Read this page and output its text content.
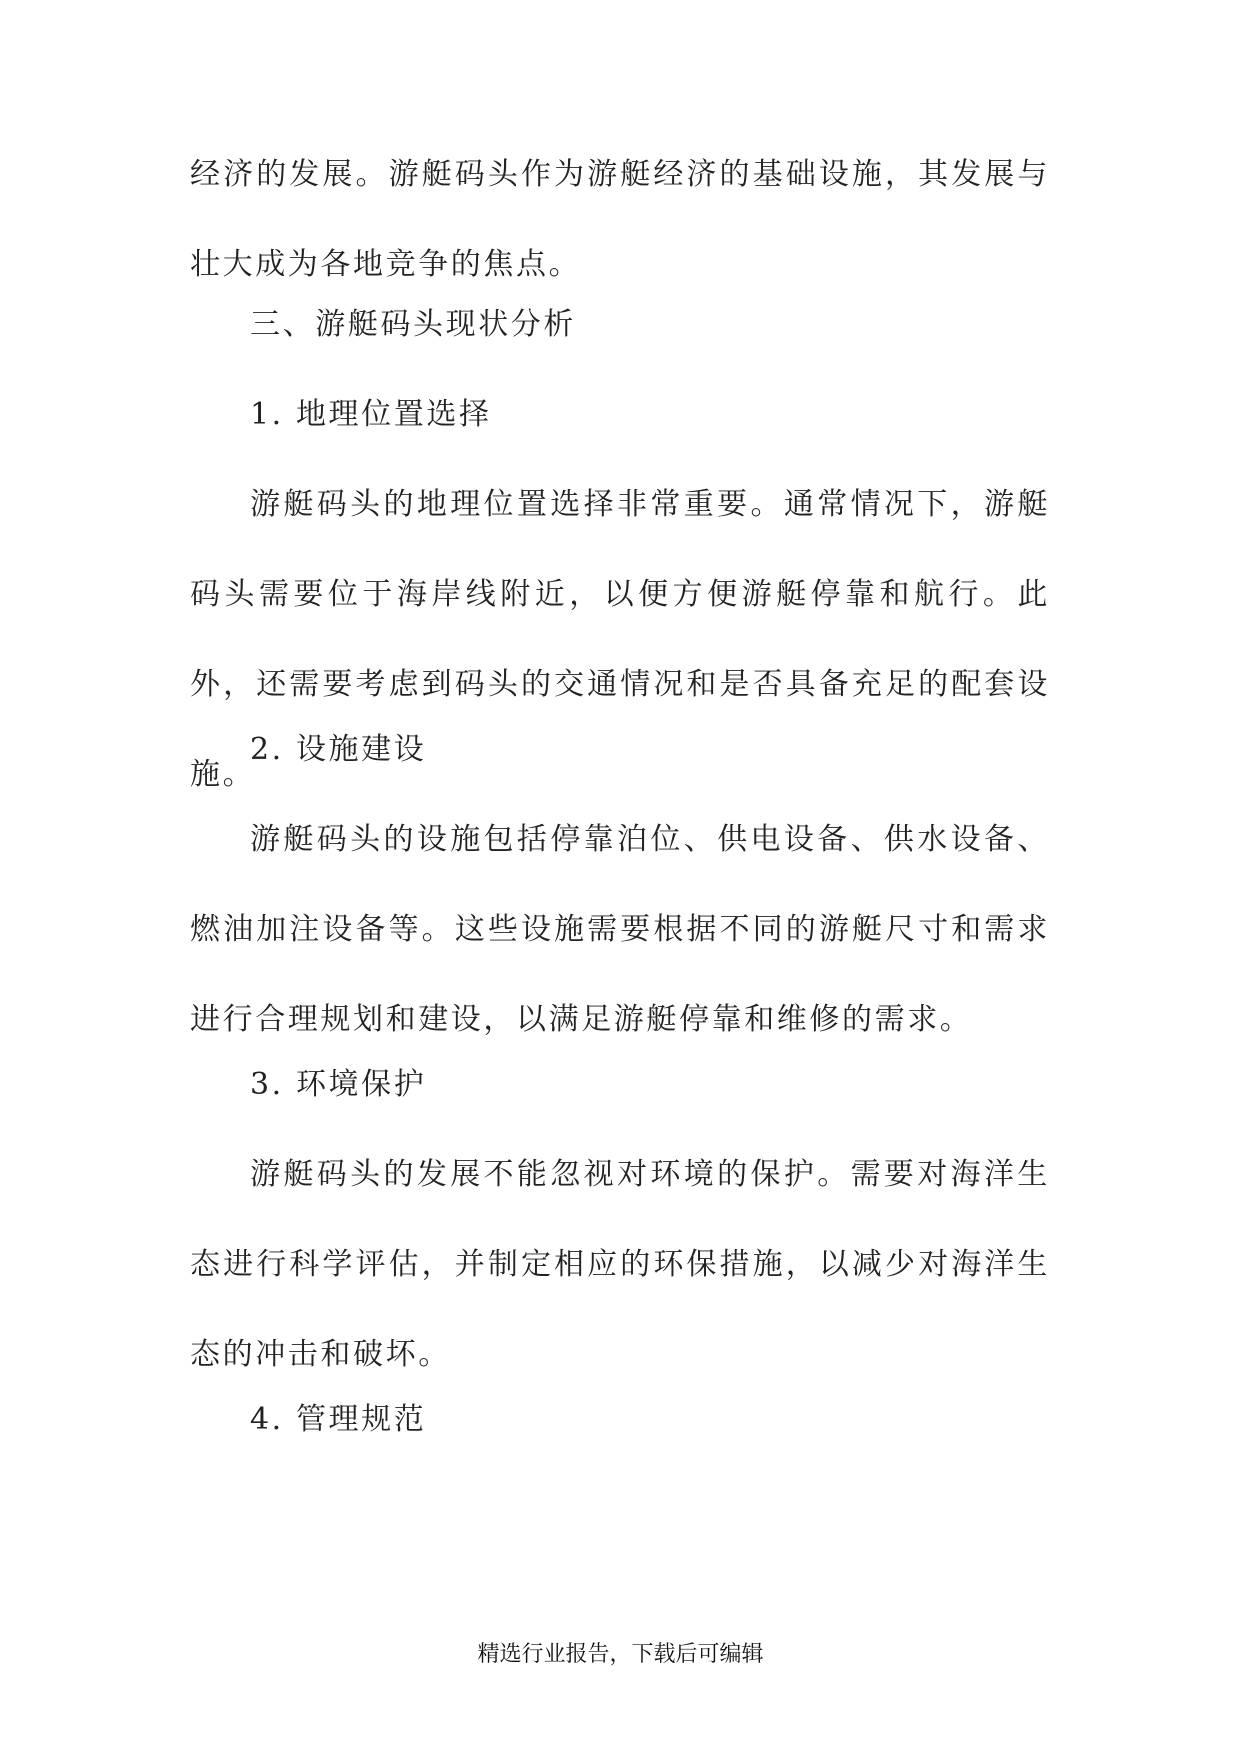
经济的发展。游艇码头作为游艇经济的基础设施，其发展与壮大成为各地竞争的焦点。

三、游艇码头现状分析

1. 地理位置选择

游艇码头的地理位置选择非常重要。通常情况下，游艇码头需要位于海岸线附近，以便方便游艇停靠和航行。此外，还需要考虑到码头的交通情况和是否具备充足的配套设施。

2. 设施建设

游艇码头的设施包括停靠泊位、供电设备、供水设备、燃油加注设备等。这些设施需要根据不同的游艇尺寸和需求进行合理规划和建设，以满足游艇停靠和维修的需求。

3. 环境保护

游艇码头的发展不能忽视对环境的保护。需要对海洋生态进行科学评估，并制定相应的环保措施，以减少对海洋生态的冲击和破坏。

4. 管理规范

精选行业报告，下载后可编辑
